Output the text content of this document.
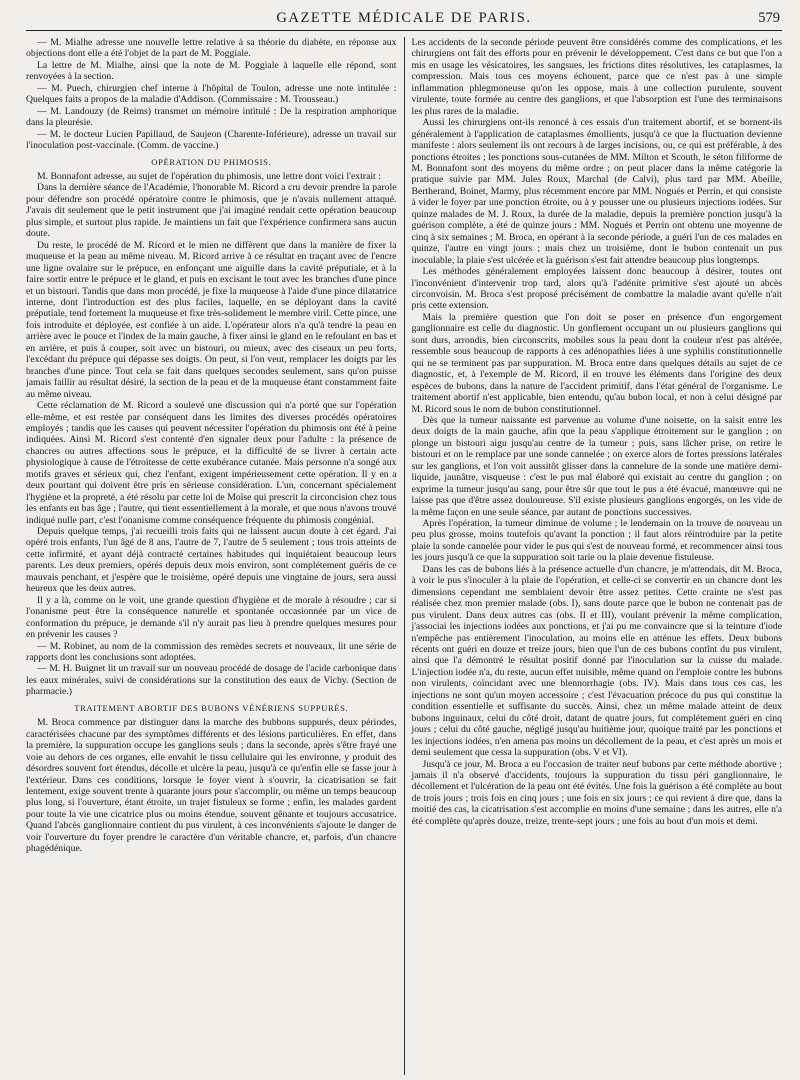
GAZETTE MÉDICALE DE PARIS.	579

— M. Mialhe adresse une nouvelle lettre relative à sa théorie du diabète, en réponse aux objections dont elle a été l'objet de la part de M. Poggiale.

La lettre de M. Mialhe, ainsi que la note de M. Poggiale à laquelle elle répond, sont renvoyées à la section.

— M. Puech, chirurgien chef interne à l'hôpital de Toulon, adresse une note intitulée : Quelques faits a propos de la maladie d'Addison. (Commissaire : M. Trousseau.)

— M. Landouzy (de Reims) transmet un mémoire intitulé : De la respiration amphorique dans la pleurésie.

— M. le docteur Lucien Papillaud, de Saujeon (Charente-Inférieure), adresse un travail sur l'inoculation post-vaccinale. (Comm. de vaccine.)

OPÉRATION DU PHIMOSIS.

M. Bonnafont adresse, au sujet de l'opération du phimosis, une lettre dont voici l'extrait :

Dans la dernière séance de l'Académie, l'honorable M. Ricord a cru devoir prendre la parole pour défendre son procédé opératoire contre le phimosis, que je n'avais nullement attaqué. J'avais dit seulement que le petit instrument que j'ai imaginé rendait cette opération beaucoup plus simple, et surtout plus rapide. Je maintiens un fait que l'expérience confirmera sans aucun doute.

Du reste, le procédé de M. Ricord et le mien ne diffèrent que dans la manière de fixer la muqueuse et la peau au même niveau. M. Ricord arrive à ce résultat en traçant avec de l'encre une ligne ovalaire sur le prépuce, en enfonçant une aiguille dans la cavité préputiale, et à la faire sortir entre le prépuce et le gland, et puis en excisant le tout avec les branches d'une pince et un bistouri. Tandis que dans mon procédé, je fixe la muqueuse à l'aide d'une pince dilatatrice interne, dont l'introduction est des plus faciles, laquelle, en se déployant dans la cavité préputiale, tend fortement la muqueuse et fixe très-solidement le membre viril. Cette pince, une fois introduite et déployée, est confiée à un aide. L'opérateur alors n'a qu'à tendre la peau en arrière avec le pouce et l'index de la main gauche, à fixer ainsi le gland en le refoulant en bas et en arrière, et puis à couper, soit avec un bistouri, ou mieux, avec des ciseaux un peu forts, l'excédant du prépuce qui dépasse ses doigts. On peut, si l'on veut, remplacer les doigts par les branches d'une pince. Tout cela se fait dans quelques secondes seulement, sans qu'on puisse jamais faillir au résultat désiré, la section de la peau et de la muqueuse étant constamment faite au même niveau.

Cette réclamation de M. Ricord a soulevé une discussion qui n'a porté que sur l'opération elle-même, et est restée par conséquent dans les limites des diverses procédés opératoires employés ; tandis que les causes qui peuvent nécessiter l'opération du phimosis ont été à peine indiquées. Ainsi M. Ricord s'est contenté d'en signaler deux pour l'adulte : la présence de chancres ou autres affections sous le prépuce, et la difficulté de se livrer à certain acte physiologique à cause de l'étroitesse de cette exubérance cutanée. Mais personne n'a songé aux motifs graves et sérieux qui, chez l'enfant, exigent impérieusement cette opération. Il y en a deux pourtant qui doivent être pris en sérieuse considération. L'un, concernant spécialement l'hygiène et la propreté, a été résolu par cette loi de Moïse qui prescrit la circoncision chez tous les enfants en bas âge ; l'autre, qui tient essentiellement à la morale, et que nous n'avons trouvé indiqué nulle part, c'est l'onanisme comme conséquence fréquente du phimosis congénial.

Depuis quelque temps, j'ai recueilli trois faits qui ne laissent aucun doute à cet égard. J'ai opéré trois enfants, l'un âgé de 8 ans, l'autre de 7, l'autre de 5 seulement ; tous trois atteints de cette infirmité, et ayant déjà contracté certaines habitudes qui inquiétaient beaucoup leurs parents. Les deux premiers, opérés depuis deux mois environ, sont complétement guéris de ce mauvais penchant, et j'espère que le troisième, opéré depuis une vingtaine de jours, sera aussi heureux que les deux autres.

Il y a là, comme on le voit, une grande question d'hygiène et de morale à résoudre ; car si l'onanisme peut être la conséquence naturelle et spontanée occasionnée par un vice de conformation du prépuce, je demande s'il n'y aurait pas lieu à prendre quelques mesures pour en prévenir les causes ?

— M. Robinet, au nom de la commission des remèdes secrets et nouveaux, lit une série de rapports dont les conclusions sont adoptées.

— M. H. Buignet lit un travail sur un nouveau procédé de dosage de l'acide carbonique dans les eaux minérales, suivi de considérations sur la constitution des eaux de Vichy. (Section de pharmacie.)

TRAITEMENT ABORTIF DES BUBONS VÉNÉRIENS SUPPURÉS.

M. Broca commence par distinguer dans la marche des bubbons suppurés, deux périodes, caractérisées chacune par des symptômes différents et des lésions particulières. En effet, dans la première, la suppuration occupe les ganglions seuls ; dans la seconde, après s'être frayé une voie au dehors de ces organes, elle envahit le tissu cellulaire qui les environne, y produit des désordres souvent fort étendus, décolle et ulcère la peau, jusqu'à ce qu'enfin elle se fasse jour à l'extérieur. Dans ces conditions, lorsque le foyer vient à s'ouvrir, la cicatrisation se fait lentement, exige souvent trente à quarante jours pour s'accomplir, ou même un temps beaucoup plus long, si l'ouverture, étant étroite, un trajet fistuleux se forme ; enfin, les malades gardent pour toute la vie une cicatrice plus ou moins étendue, souvent gênante et toujours accusatrice. Quand l'abcès ganglionnaire contient du pus virulent, à ces inconvénients s'ajoute le danger de voir l'ouverture du foyer prendre le caractère d'un véritable chancre, et, parfois, d'un chancre phagédénique.

Les accidents de la seconde période peuvent être considérés comme des complications, et les chirurgiens ont fait des efforts pour en prévenir le développement. C'est dans ce but que l'on a mis en usage les vésicatoires, les sangsues, les frictions dites résolutives, les cataplasmes, la compression. Mais tous ces moyens échouent, parce que ce n'est pas à une simple inflammation phlegmoneuse qu'on les oppose, mais à une collection purulente, souvent virulente, toute formée au centre des ganglions, et que l'absorption est l'une des terminaisons les plus rares de la maladie.

Aussi les chirurgiens ont-ils renoncé à ces essais d'un traitement abortif, et se bornent-ils généralement à l'application de cataplasmes émollients, jusqu'à ce que la fluctuation devienne manifeste : alors seulement ils ont recours à de larges incisions, ou, ce qui est préférable, à des ponctions étroites ; les ponctions sous-cutanées de MM. Milton et Scouth, le séton filiforme de M. Bonnafont sont des moyens du même ordre ; on peut placer dans la même catégorie la pratique suivie par MM. Jules Roux, Marchal (de Calvi), plus tard par MM. Abeille, Bertherand, Boinet, Marmy, plus récemment encore par MM. Nogués et Perrin, et qui consiste à vider le foyer par une ponction étroite, ou à y pousser une ou plusieurs injections iodées. Sur quinze malades de M. J. Roux, la durée de la maladie, depuis la première ponction jusqu'à la guérison complète, a été de quinze jours : MM. Nogués et Perrin ont obtenu une moyenne de cinq à six semaines ; M. Broca, en opérant à la seconde période, a guéri l'un de ces malades en quinze, l'autre en vingt jours ; mais chez un troisième, dont le bubon contenait un pus inoculable, la plaie s'est ulcérée et la guérison s'est fait attendre beaucoup plus longtemps.

Les méthodes généralement employées laissent donc beaucoup à désirer, toutes ont l'inconvénient d'intervenir trop tard, alors qu'à l'adénite primitive s'est ajouté un abcès circonvoisin. M. Broca s'est proposé précisément de combattre la maladie avant qu'elle n'ait pris cette extension.

Mais la première question que l'on doit se poser en présence d'un engorgement ganglionnaire est celle du diagnostic. Un gonflement occupant un ou plusieurs ganglions qui sont durs, arrondis, bien circonscrits, mobiles sous la peau dont la couleur n'est pas altérée, ressemble sous beaucoup de rapports à ces adénopathies liées à une syphilis constitutionnelle qui ne se terminent pas par suppuration. M. Broca entre dans quelques détails au sujet de ce diagnostic, et, à l'exemple de M. Ricord, il en trouve les éléments dans l'origine des deux espèces de bubons, dans la nature de l'accident primitif, dans l'état général de l'organisme. Le traitement abortif n'est applicable, bien entendu, qu'au bubon local, et non à celui désigné par M. Ricord sous le nom de bubon constitutionnel.

Dès que la tumeur naissante est parvenue au volume d'une noisette, on la saisit entre les deux doigts de la main gauche, afin que la peau s'applique étroitement sur le ganglion ; on plonge un bistouri aigu jusqu'au centre de la tumeur ; puis, sans lâcher prise, on retire le bistouri et on le remplace par une sonde cannelée ; on exerce alors de fortes pressions latérales sur les ganglions, et l'on voit aussitôt glisser dans la cannelure de la sonde une matière demi-liquide, jaunâtre, visqueuse : c'est le pus mal élaboré qui existait au centre du ganglion ; on exprime la tumeur jusqu'au sang, pour être sûr que tout le pus a été évacué, manœuvre qui ne laisse pas que d'être assez douloureuse. S'il existe plusieurs ganglions engorgés, on les vide de la même façon en une seule séance, par autant de ponctions successives.

Après l'opération, la tumeur diminue de volume ; le lendemain on la trouve de nouveau un peu plus grosse, moins toutefois qu'avant la ponction ; il faut alors réintroduire par la petite plaie la sonde cannelée pour vider le pus qui s'est de nouveau formé, et recommencer ainsi tous les jours jusqu'à ce que la suppuration soit tarie ou la plaie devenue fistuleuse.

Dans les cas de bubons liés à la présence actuelle d'un chancre, je m'attendais, dit M. Broca, à voir le pus s'inoculer à la plaie de l'opération, et celle-ci se convertir en un chancre dont les dimensions cependant me semblaient devoir être assez petites. Cette crainte ne s'est pas réalisée chez mon premier malade (obs. I), sans doute parce que le bubon ne contenait pas de pus virulent. Dans deux autres cas (obs. II et III), voulant prévenir la même complication, j'associai les injections iodées aux ponctions, et j'ai pu me convaincre que si la teinture d'iode n'empêche pas entièrement l'inoculation, au moins elle en atténue les effets. Deux bubons récents ont guéri en douze et treize jours, bien que l'un de ces bubons contînt du pus virulent, ainsi que l'a démontré le résultat positif donné par l'inoculation sur la cuisse du malade. L'injection iodée n'a, du reste, aucun effet nuisible, même quand on l'emploie contre les bubons non virulents, coïncidant avec une blennorrhagie (obs. IV). Mais dans tous ces cas, les injections ne sont qu'un moyen accessoire ; c'est l'évacuation précoce du pus qui constitue la condition essentielle et suffisante du succès. Ainsi, chez un même malade atteint de deux bubons inguinaux, celui du côté droit, datant de quatre jours, fut complétement guéri en cinq jours ; celui du côté gauche, négligé jusqu'au huitième jour, quoique traité par les ponctions et les injections iodées, n'en amena pas moins un décollement de la peau, et c'est après un mois et demi seulement que cessa la suppuration (obs. V et VI).

Jusqu'à ce jour, M. Broca a eu l'occasion de traiter neuf bubons par cette méthode abortive ; jamais il n'a observé d'accidents, toujours la suppuration du tissu péri ganglionnaire, le décollement et l'ulcération de la peau ont été évités. Une fois la guérison a été complète au bout de trois jours ; trois fois en cinq jours ; une fois en six jours ; ce qui revient à dire que, dans la moitié des cas, la cicatrisation s'est accomplie en moins d'une semaine ; dans les autres, elle n'a été complète qu'après douze, treize, trente-sept jours ; une fois au bout d'un mois et demi.
